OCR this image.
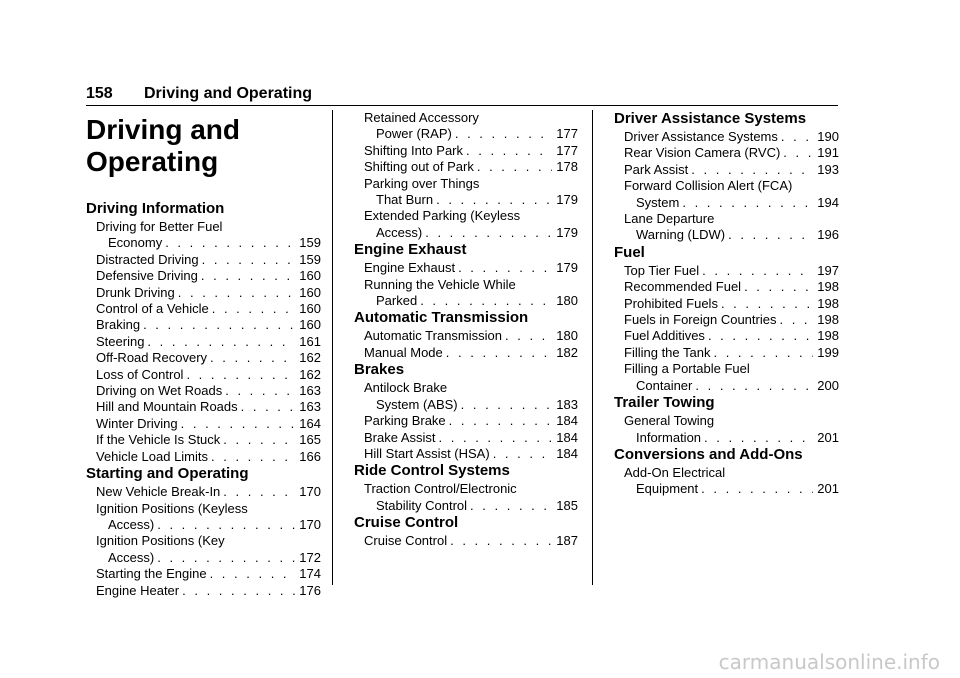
158 Driving and Operating
Driving and
Operating
Driving Information
Driving for Better Fuel
Economy . . .	159
Distracted Driving . . .	159
Defensive Driving . . .	160
Drunk Driving . . .	160
Control of a Vehicle . . .	160
Braking . . .	160
Steering . . .	161
Off-Road Recovery . . .	162
Loss of Control . . .	162
Driving on Wet Roads . . .	163
Hill and Mountain Roads . . .	163
Winter Driving . . .	164
If the Vehicle Is Stuck . . .	165
Vehicle Load Limits . . .	166
Starting and Operating
New Vehicle Break-In . . .	170
Ignition Positions (Keyless
Access) . . .	170
Ignition Positions (Key
Access) . . .	172
Starting the Engine . . .	174
Engine Heater . . .	176
Retained Accessory
Power (RAP) . . .	177
Shifting Into Park . . .	177
Shifting out of Park . . .	178
Parking over Things
That Burn . . .	179
Extended Parking (Keyless
Access) . . .	179
Engine Exhaust
Engine Exhaust . . .	179
Running the Vehicle While
Parked . . .	180
Automatic Transmission
Automatic Transmission . . .	180
Manual Mode . . .	182
Brakes
Antilock Brake
System (ABS) . . .	183
Parking Brake . . .	184
Brake Assist . . .	184
Hill Start Assist (HSA) . . .	184
Ride Control Systems
Traction Control/Electronic
Stability Control . . .	185
Cruise Control
Cruise Control . . .	187
Driver Assistance Systems
Driver Assistance Systems . . .	190
Rear Vision Camera (RVC) . . .	191
Park Assist . . .	193
Forward Collision Alert (FCA)
System . . .	194
Lane Departure
Warning (LDW) . . .	196
Fuel
Top Tier Fuel . . .	197
Recommended Fuel . . .	198
Prohibited Fuels . . .	198
Fuels in Foreign Countries . . .	198
Fuel Additives . . .	198
Filling the Tank . . .	199
Filling a Portable Fuel
Container . . .	200
Trailer Towing
General Towing
Information . . .	201
Conversions and Add-Ons
Add-On Electrical
Equipment . . .	201
carmanualsonline.info
